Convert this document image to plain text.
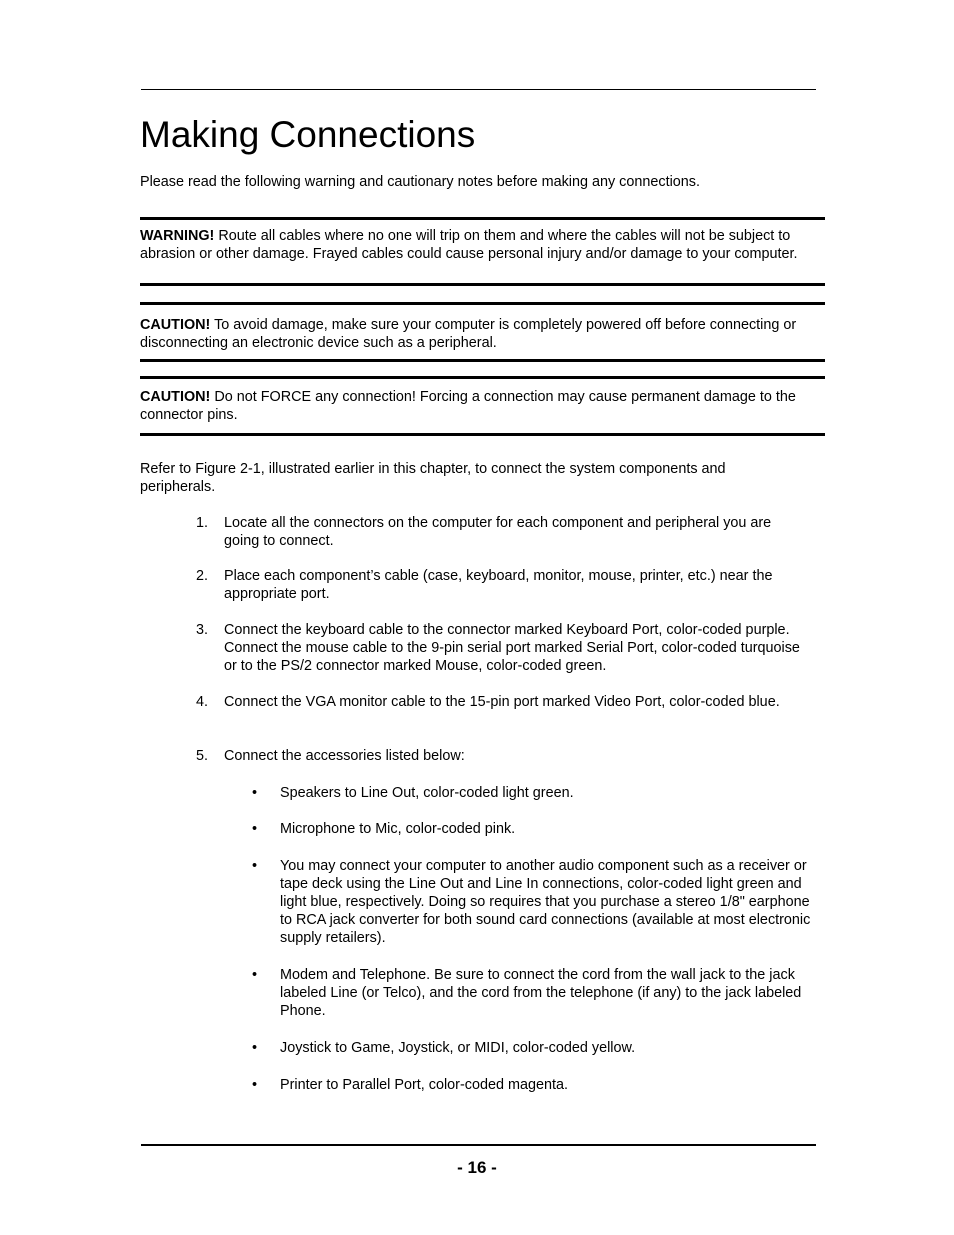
Making Connections
Please read the following warning and cautionary notes before making any connections.
WARNING! Route all cables where no one will trip on them and where the cables will not be subject to abrasion or other damage. Frayed cables could cause personal injury and/or damage to your computer.
CAUTION! To avoid damage, make sure your computer is completely powered off before connecting or disconnecting an electronic device such as a peripheral.
CAUTION! Do not FORCE any connection! Forcing a connection may cause permanent damage to the connector pins.
Refer to Figure 2-1, illustrated earlier in this chapter, to connect the system components and peripherals.
1. Locate all the connectors on the computer for each component and peripheral you are going to connect.
2. Place each component’s cable (case, keyboard, monitor, mouse, printer, etc.) near the appropriate port.
3. Connect the keyboard cable to the connector marked Keyboard Port, color-coded purple. Connect the mouse cable to the 9-pin serial port marked Serial Port, color-coded turquoise or to the PS/2 connector marked Mouse, color-coded green.
4. Connect the VGA monitor cable to the 15-pin port marked Video Port, color-coded blue.
5. Connect the accessories listed below:
• Speakers to Line Out, color-coded light green.
• Microphone to Mic, color-coded pink.
• You may connect your computer to another audio component such as a receiver or tape deck using the Line Out and Line In connections, color-coded light green and light blue, respectively. Doing so requires that you purchase a stereo 1/8" earphone to RCA jack converter for both sound card connections (available at most electronic supply retailers).
• Modem and Telephone. Be sure to connect the cord from the wall jack to the jack labeled Line (or Telco), and the cord from the telephone (if any) to the jack labeled Phone.
• Joystick to Game, Joystick, or MIDI, color-coded yellow.
• Printer to Parallel Port, color-coded magenta.
- 16 -
